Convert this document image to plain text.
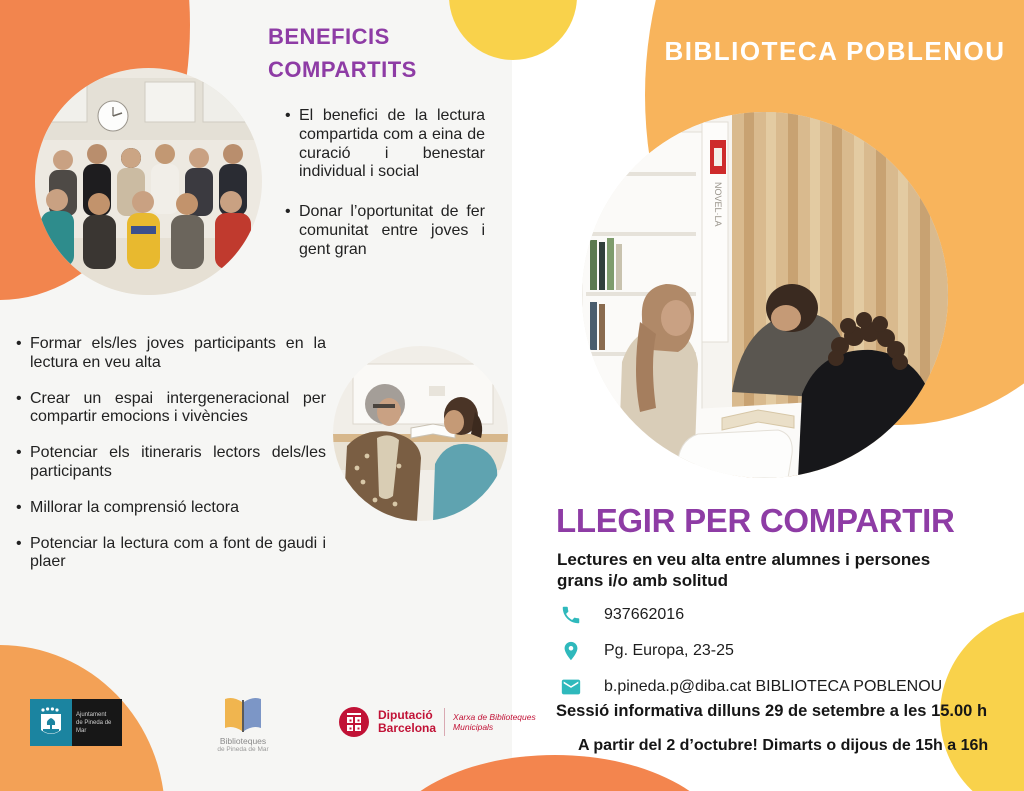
NOVEL·LA
BENEFICIS
COMPARTITS
• El benefici de la lectura compartida com a eina de curació i benestar individual i social
• Donar l’oportunitat de fer comunitat entre joves i gent gran
• Formar els/les joves participants en la lectura en veu alta
• Crear un espai intergeneracional per compartir emocions i vivències
• Potenciar els itineraris lectors dels/les participants
• Millorar la comprensió lectora
• Potenciar la lectura com a font de gaudi i plaer
Ajuntament
de Pineda de Mar
Biblioteques
de Pineda de Mar
Diputació
Barcelona
Xarxa de Biblioteques
Municipals
BIBLIOTECA POBLENOU
LLEGIR PER COMPARTIR
Lectures en veu alta entre alumnes i persones grans i/o amb solitud
937662016
Pg. Europa, 23-25
b.pineda.p@diba.cat BIBLIOTECA POBLENOU
Sessió informativa dilluns 29 de setembre a les 15.00 h
A partir del 2 d’octubre! Dimarts o dijous de 15h a 16h
